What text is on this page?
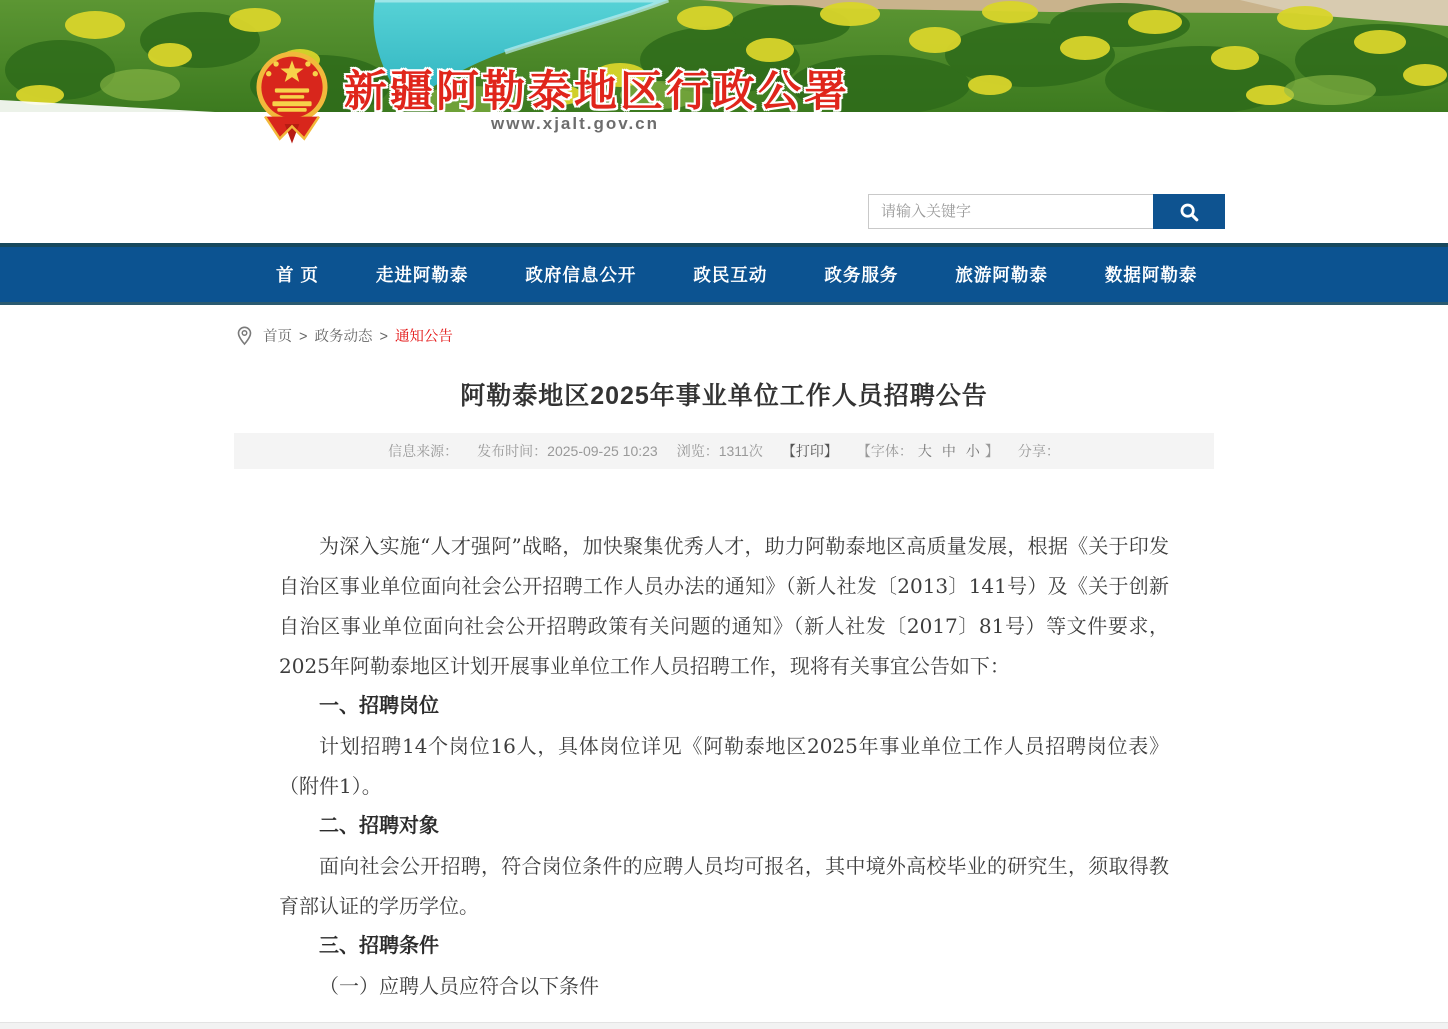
新疆阿勒泰地区行政公署
www.xjalt.gov.cn
请输入关键字
首 页	走进阿勒泰	政府信息公开	政民互动	政务服务	旅游阿勒泰	数据阿勒泰
首页 > 政务动态 > 通知公告
阿勒泰地区2025年事业单位工作人员招聘公告
信息来源： 发布时间：2025-09-25 10:23 浏览：1311次 【打印】 【字体： 大 中 小 】 分享：

为深入实施“人才强阿”战略，加快聚集优秀人才，助力阿勒泰地区高质量发展，根据《关于印发自治区事业单位面向社会公开招聘工作人员办法的通知》（新人社发〔2013〕141号）及《关于创新自治区事业单位面向社会公开招聘政策有关问题的通知》（新人社发〔2017〕81号）等文件要求，2025年阿勒泰地区计划开展事业单位工作人员招聘工作，现将有关事宜公告如下：

一、招聘岗位

计划招聘14个岗位16人，具体岗位详见《阿勒泰地区2025年事业单位工作人员招聘岗位表》（附件1）。

二、招聘对象

面向社会公开招聘，符合岗位条件的应聘人员均可报名，其中境外高校毕业的研究生，须取得教育部认证的学历学位。

三、招聘条件

（一）应聘人员应符合以下条件
